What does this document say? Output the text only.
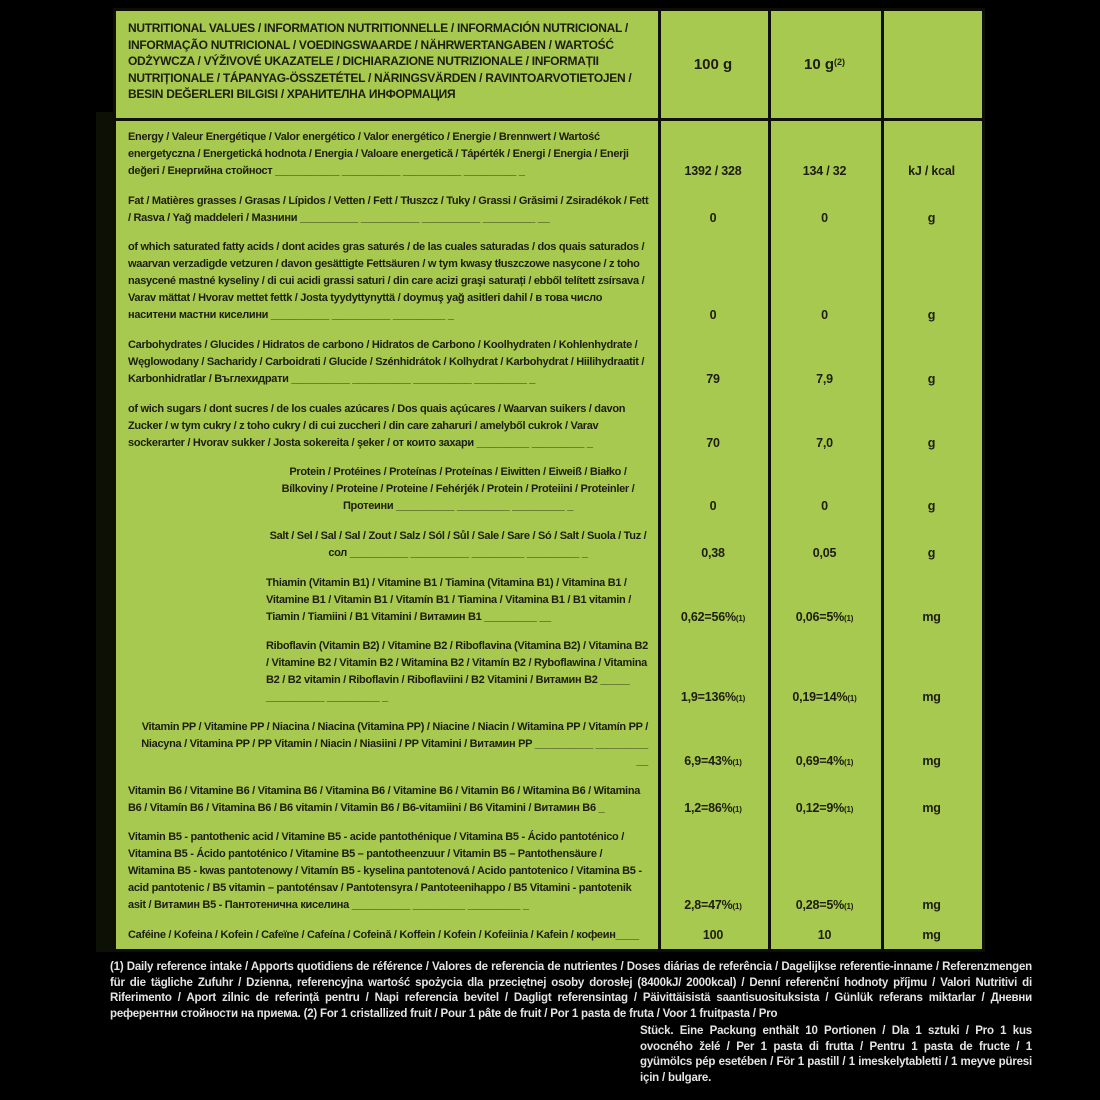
NUTRITIONAL VALUES / INFORMATION NUTRITIONNELLE / INFORMACIÓN NUTRICIONAL / INFORMAÇÃO NUTRICIONAL / VOEDINGSWAARDE / NÄHRWERTANGABEN / WARTOŚĆ ODŻYWCZA / VÝŽIVOVÉ UKAZATELE / DICHIARAZIONE NUTRIZIONALE / INFORMAȚII NUTRIȚIONALE / TÁPANYAG-ÖSSZETÉTEL / NÄRINGSVÄRDEN / RAVINTOARVOTIETOJEN / BESIN DEĞERLERI BILGISI / ХРАНИТЕЛНА ИНФОРМАЦИЯ
100 g	10 g (2)
Energy / Valeur Energétique / Valor energético / Valor energético / Energie / Brennwert / Wartość energetyczna / Energetická hodnota / Energia / Valoare energetică / Tápérték / Energi / Energia / Enerji değeri / Енергийна стойност ___________ __________ __________ _________ _	1392 / 328	134 / 32	kJ / kcal
Fat / Matières grasses / Grasas / Lípidos / Vetten / Fett / Tłuszcz / Tuky / Grassi / Grăsimi / Zsiradékok / Fett / Rasva / Yağ maddeleri / Мазнини __________ __________ __________ _________ __	0	0	g
of which saturated fatty acids / dont acides gras saturés / de las cuales saturadas / dos quais saturados / waarvan verzadigde vetzuren / davon gesättigte Fettsäuren / w tym kwasy tłuszczowe nasycone / z toho nasycené mastné kyseliny / di cui acidi grassi saturi / din care acizi graşi saturați / ebből telített zsírsava / Varav mättat / Hvorav mettet fettk / Josta tyydyttynyttä / doymuş yağ asitleri dahil / в това число наситени мастни киселини __________ __________ _________ _	0	0	g
Carbohydrates / Glucides / Hidratos de carbono / Hidratos de Carbono / Koolhydraten / Kohlenhydrate / Węglowodany / Sacharidy / Carboidrati / Glucide / Szénhidrátok / Kolhydrat / Karbohydrat / Hiilihydraatit / Karbonhidratlar / Въглехидрати __________ __________ __________ _________ _	79	7,9	g
of wich sugars / dont sucres / de los cuales azúcares / Dos quais açúcares / Waarvan suikers / davon Zucker / w tym cukry / z toho cukry / di cui zuccheri / din care zaharuri / amelyből cukrok / Varav sockerarter / Hvorav sukker / Josta sokereita / şeker / от които захари _________ _________ _	70	7,0	g
Protein / Protéines / Proteínas / Proteínas / Eiwitten / Eiweiß / Białko / Bílkoviny / Proteine / Proteine / Fehérjék / Protein / Proteiini / Proteinler /Протеини __________ _________ _________ _	0	0	g
Salt / Sel / Sal / Sal / Zout / Salz / Sól / Sůl / Sale / Sare / Só / Salt / Suola / Tuz / сол __________ __________ _________ _________ _	0,38	0,05	g
Thiamin (Vitamin B1) / Vitamine B1 / Tiamina (Vitamina B1) / Vitamina B1 / Vitamine B1 / Vitamin B1 / Vitamín B1 / Tiamina / Vitamina B1 / B1 vitamin / Tiamin / Tiamiini / B1 Vitamini / Витамин B1 _________ __	0,62=56% (1)	0,06=5% (1)	mg
Riboflavin (Vitamin B2) / Vitamine B2 / Riboflavina (Vitamina B2) / Vitamina B2 / Vitamine B2 / Vitamin B2 / Witamina B2 / Vitamín B2 / Ryboflawina / Vitamina B2 / B2 vitamin / Riboflavin / Riboflaviini / B2 Vitamini / Витамин B2 _____ __________ _________ _	1,9=136% (1)	0,19=14% (1)	mg
Vitamin PP / Vitamine PP / Niacina / Niacina (Vitamina PP) / Niacine / Niacin / Witamina PP / Vitamín PP / Niacyna / Vitamina PP / PP Vitamin / Niacin / Niasiini / PP Vitamini / Витамин PP __________ _________ __	6,9=43% (1)	0,69=4% (1)	mg
Vitamin B6 / Vitamine B6 / Vitamina B6 / Vitamina B6 / Vitamine B6 / Vitamin B6 / Witamina B6 / Witamina B6 / Vitamín B6 / Vitamina B6 / B6 vitamin / Vitamin B6 / B6-vitamiini / B6 Vitamini / Витамин B6 _	1,2=86% (1)	0,12=9% (1)	mg
Vitamin B5 - pantothenic acid / Vitamine B5 - acide pantothénique / Vitamina B5 - Ácido pantoténico / Vitamina B5 - Ácido pantoténico / Vitamine B5 – pantotheenzuur / Vitamin B5 – Pantothensäure / Witamina B5 - kwas pantotenowy / Vitamín B5 - kyselina pantotenová / Acido pantotenico / Vitamina B5 - acid pantotenic / B5 vitamin – pantoténsav / Pantotensyra / Pantoteenihappo / B5 Vitamini - pantotenik asit / Витамин B5 - Пантотенична киселина __________ _________ _________ _	2,8=47% (1)	0,28=5% (1)	mg
Caféine / Kofeina / Kofein / Cafeïne / Cafeína / Cofeină / Koffein / Kofein / Kofeiinia / Kafein / кофеин____	100	10	mg

(1) Daily reference intake / Apports quotidiens de référence / Valores de referencia de nutrientes / Doses diárias de referência / Dagelijkse referentie-inname / Referenzmengen für die tägliche Zufuhr / Dzienna, referencyjna wartość spożycia dla przeciętnej osoby dorosłej (8400kJ/ 2000kcal) / Denní referenční hodnoty příjmu / Valori Nutritivi di Riferimento / Aport zilnic de referință pentru / Napi referencia bevitel / Dagligt referensintag / Päivittäisistä saantisuosituksista / Günlük referans miktarlar / Дневни референтни стойности на приема. (2) For 1 cristallized fruit / Pour 1 pâte de fruit / Por 1 pasta de fruta / Voor 1 fruitpasta / Pro

Stück. Eine Packung enthält 10 Portionen / Dla 1 sztuki / Pro 1 kus ovocného želé / Per 1 pasta di frutta / Pentru 1 pasta de fructe / 1 gyümölcs pép esetében / För 1 pastill / 1 imeskelytabletti / 1 meyve püresi için / bulgare.
